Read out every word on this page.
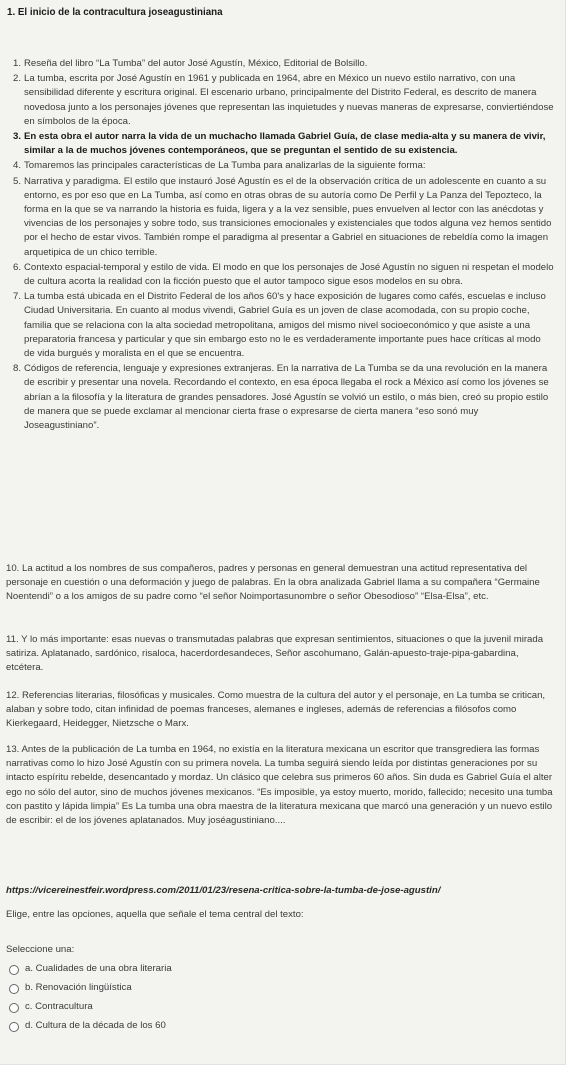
1. El inicio de la contracultura joseagustiniana
1. Reseña del libro “La Tumba” del autor José Agustín, México, Editorial de Bolsillo.
2. La tumba, escrita por José Agustín en 1961 y publicada en 1964, abre en México un nuevo estilo narrativo, con una sensibilidad diferente y escritura original. El escenario urbano, principalmente del Distrito Federal, es descrito de manera novedosa junto a los personajes jóvenes que representan las inquietudes y nuevas maneras de expresarse, conviertiéndose en símbolos de la época.
3. En esta obra el autor narra la vida de un muchacho llamada Gabriel Guía, de clase media-alta y su manera de vivir, similar a la de muchos jóvenes contemporáneos, que se preguntan el sentido de su existencia.
4. Tomaremos las principales características de La Tumba para analizarlas de la siguiente forma:
5. Narrativa y paradigma. El estilo que instauró José Agustín es el de la observación crítica de un adolescente en cuanto a su entorno, es por eso que en La Tumba, así como en otras obras de su autoría como De Perfil y La Panza del Tepozteco, la forma en la que se va narrando la historia es fuida, ligera y a la vez sensible, pues envuelven al lector con las anécdotas y vivencias de los personajes y sobre todo, sus transiciones emocionales y existenciales que todos alguna vez hemos sentido por el hecho de estar vivos. También rompe el paradigma al presentar a Gabriel en situaciones de rebeldía como la imagen arquetipica de un chico terrible.
6. Contexto espacial-temporal y estilo de vida. El modo en que los personajes de José Agustín no siguen ni respetan el modelo de cultura acorta la realidad con la ficción puesto que el autor tampoco sigue esos modelos en su obra.
7. La tumba está ubicada en el Distrito Federal de los años 60's y hace exposición de lugares como cafés, escuelas e incluso Ciudad Universitaria. En cuanto al modus vivendi, Gabriel Guía es un joven de clase acomodada, con su propio coche, familia que se relaciona con la alta sociedad metropolitana, amigos del mismo nivel socioeconómico y que asiste a una preparatoria francesa y particular y que sin embargo esto no le es verdaderamente importante pues hace críticas al modo de vida burgués y moralista en el que se encuentra.
8. Códigos de referencia, lenguaje y expresiones extranjeras. En la narrativa de La Tumba se da una revolución en la manera de escribir y presentar una novela. Recordando el contexto, en esa época llegaba el rock a México así como los jóvenes se abrían a la filosofía y la literatura de grandes pensadores. José Agustín se volvió un estilo, o más bien, creó su propio estilo de manera que se puede exclamar al mencionar cierta frase o expresarse de cierta manera “eso sonó muy Joseagustiniano”.
10. La actitud a los nombres de sus compañeros, padres y personas en general demuestran una actitud representativa del personaje en cuestión o una deformación y juego de palabras. En la obra analizada Gabriel llama a su compañera “Germaine Noentendi” o a los amigos de su padre como “el señor Noimportasunombre o señor Obesodioso” “Elsa-Elsa”, etc.
11. Y lo más importante: esas nuevas o transmutadas palabras que expresan sentimientos, situaciones o que la juvenil mirada satiriza. Aplatanado, sardónico, risaloca, hacerdordesandeces, Señor ascohumano, Galán-apuesto-traje-pipa-gabardina, etcétera.
12. Referencias literarias, filosóficas y musicales. Como muestra de la cultura del autor y el personaje, en La tumba se critican, alaban y sobre todo, citan infinidad de poemas franceses, alemanes e ingleses, además de referencias a filósofos como Kierkegaard, Heidegger, Nietzsche o Marx.
13. Antes de la publicación de La tumba en 1964, no existía en la literatura mexicana un escritor que transgrediera las formas narrativas como lo hizo José Agustín con su primera novela. La tumba seguirá siendo leída por distintas generaciones por su intacto espíritu rebelde, desencantado y mordaz. Un clásico que celebra sus primeros 60 años. Sin duda es Gabriel Guía el alter ego no sólo del autor, sino de muchos jóvenes mexicanos. “Es imposible, ya estoy muerto, morido, fallecido; necesito una tumba con pastito y lápida limpia” Es La tumba una obra maestra de la literatura mexicana que marcó una generación y un nuevo estilo de escribir: el de los jóvenes aplatanados. Muy joséagustiniano....
https://vicereinestfeir.wordpress.com/2011/01/23/resena-critica-sobre-la-tumba-de-jose-agustin/
Elige, entre las opciones, aquella que señale el tema central del texto:
Seleccione una:
a. Cualidades de una obra literaria
b. Renovación lingüística
c. Contracultura
d. Cultura de la década de los 60
